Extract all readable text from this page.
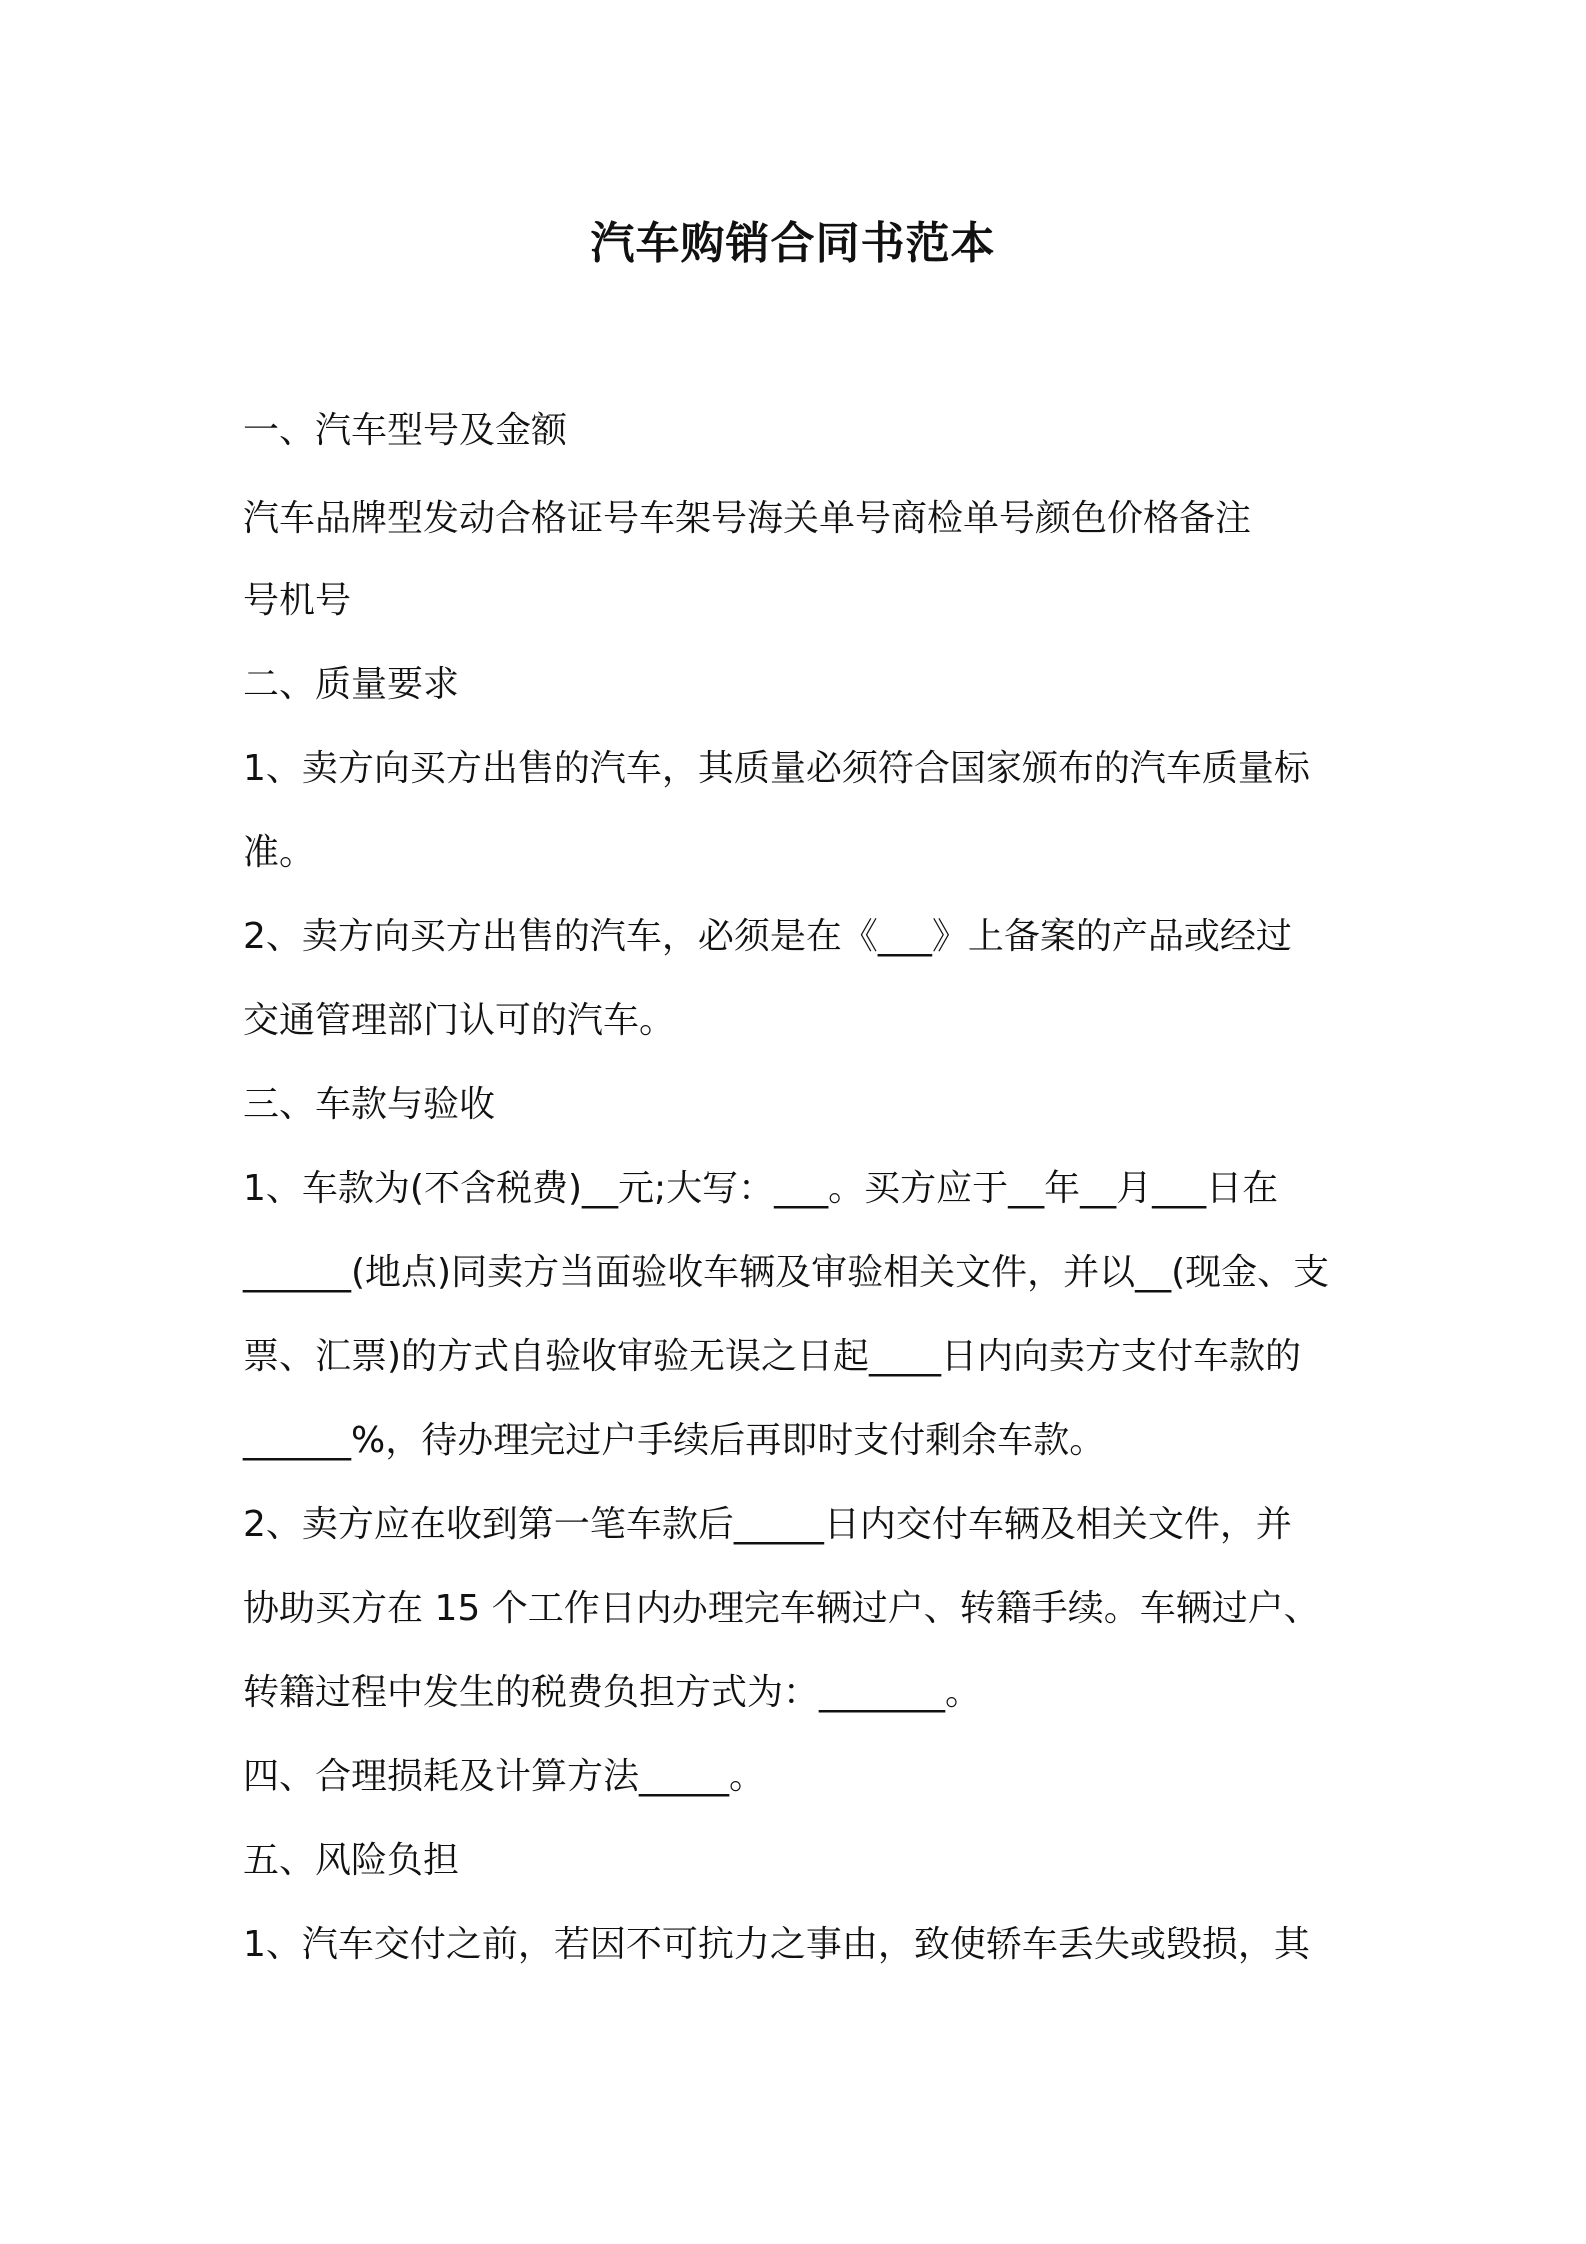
汽车购销合同书范本

一、汽车型号及金额

汽车品牌型发动合格证号车架号海关单号商检单号颜色价格备注

号机号

二、质量要求

1、卖方向买方出售的汽车，其质量必须符合国家颁布的汽车质量标

准。

2、卖方向买方出售的汽车，必须是在《___》上备案的产品或经过

交通管理部门认可的汽车。

三、车款与验收

1、车款为(不含税费)__元;大写：___。买方应于__年__月___日在

______(地点)同卖方当面验收车辆及审验相关文件，并以__(现金、支

票、汇票)的方式自验收审验无误之日起____日内向卖方支付车款的

______%，待办理完过户手续后再即时支付剩余车款。

2、卖方应在收到第一笔车款后_____日内交付车辆及相关文件，并

协助买方在 15 个工作日内办理完车辆过户、转籍手续。车辆过户、

转籍过程中发生的税费负担方式为：_______。

四、合理损耗及计算方法_____。

五、风险负担

1、汽车交付之前，若因不可抗力之事由，致使轿车丢失或毁损，其
